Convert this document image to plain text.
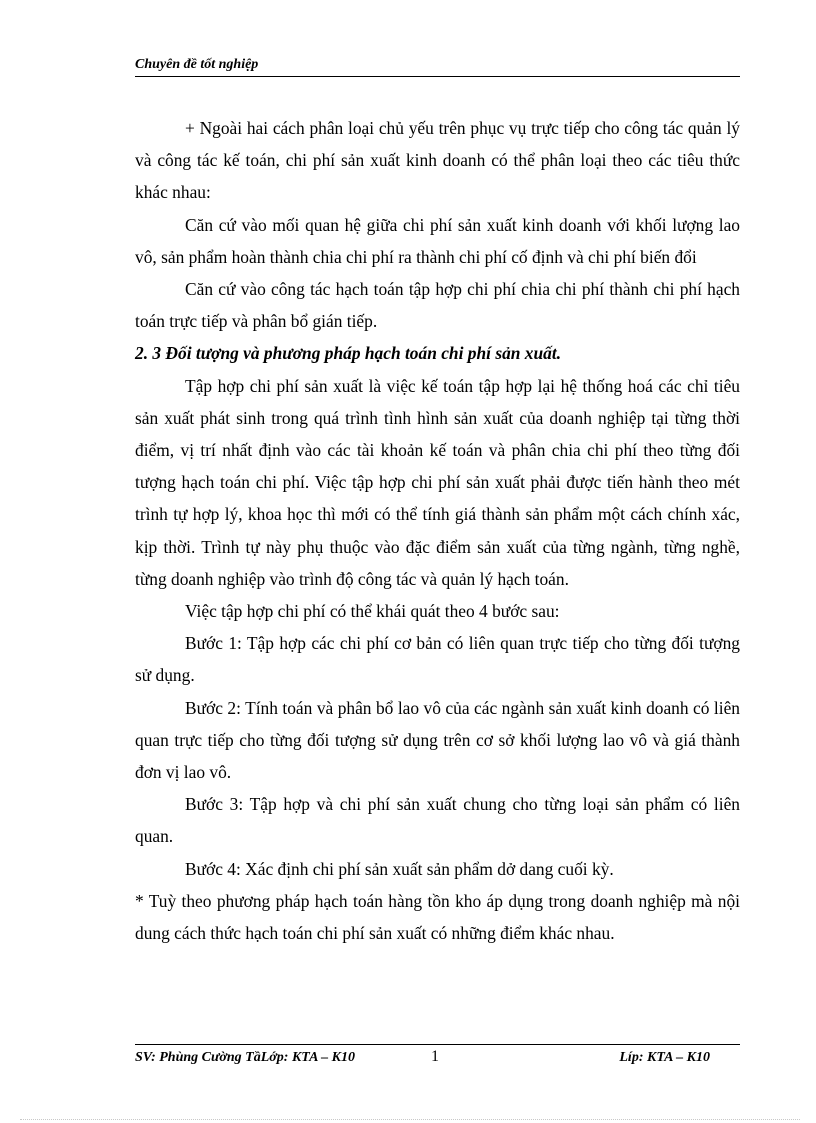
Chuyên đề tốt nghiệp

+ Ngoài hai cách phân loại chủ yếu trên phục vụ trực tiếp cho công tác quản lý và công tác kế toán, chi phí sản xuất kinh doanh có thể phân loại theo các tiêu thức khác nhau:

Căn cứ vào mối quan hệ giữa chi phí sản xuất kinh doanh với khối lượng lao vô, sản phẩm hoàn thành chia chi phí ra thành chi phí cố định và chi phí biến đổi

Căn cứ vào công tác hạch toán tập hợp chi phí chia chi phí thành chi phí hạch toán trực tiếp và phân bổ gián tiếp.

2. 3 Đối tượng và phương pháp hạch toán chi phí sản xuất.

Tập hợp chi phí sản xuất là việc kế toán tập hợp lại hệ thống hoá các chỉ tiêu sản xuất phát sinh trong quá trình tình hình sản xuất của doanh nghiệp tại từng thời điểm, vị trí nhất định vào các tài khoản kế toán và phân chia chi phí theo từng đối tượng hạch toán chi phí. Việc tập hợp chi phí sản xuất phải được tiến hành theo mét trình tự hợp lý, khoa học thì mới có thể tính giá thành sản phẩm một cách chính xác, kịp thời. Trình tự này phụ thuộc vào đặc điểm sản xuất của từng ngành, từng nghề, từng doanh nghiệp vào trình độ công tác và quản lý hạch toán.

Việc tập hợp chi phí có thể khái quát theo 4 bước sau:

Bước 1: Tập hợp các chi phí cơ bản có liên quan trực tiếp cho từng đối tượng sử dụng.

Bước 2: Tính toán và phân bổ lao vô của các ngành sản xuất kinh doanh có liên quan trực tiếp cho từng đối tượng sử dụng trên cơ sở khối lượng lao vô và giá thành đơn vị lao vô.

Bước 3: Tập hợp và chi phí sản xuất chung cho từng loại sản phẩm có liên quan.

Bước 4: Xác định chi phí sản xuất sản phẩm dở dang cuối kỳ.

* Tuỳ theo phương pháp hạch toán hàng tồn kho áp dụng trong doanh nghiệp mà nội dung cách thức hạch toán chi phí sản xuất có những điểm khác nhau.

SV: Phùng Cường TầLớp: KTA – K10	1	Líp: KTA – K10
